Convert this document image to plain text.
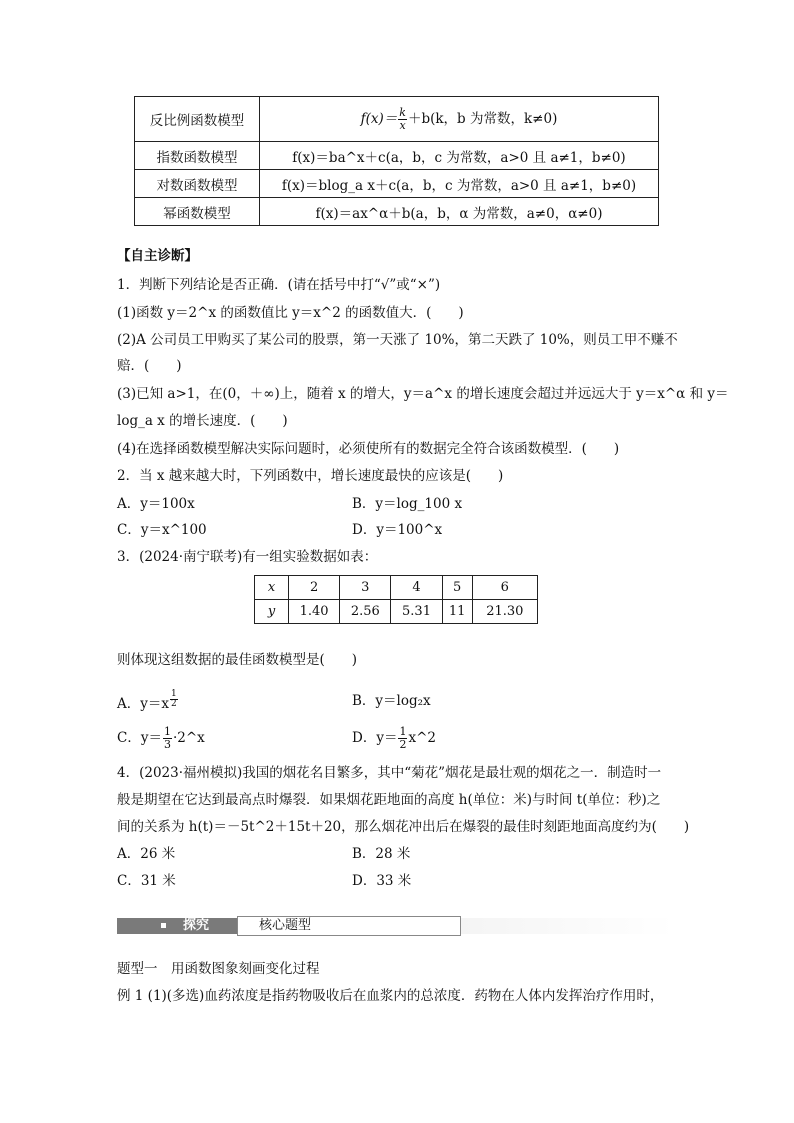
反比例函数模型	$f(x)= \frac{k}{x} +b(k$，b 为常数，k≠0)
指数函数模型	f(x)＝ba^x＋c(a，b，c 为常数，a>0 且 a≠1，b≠0)
对数函数模型	f(x)＝blog_a x＋c(a，b，c 为常数，a>0 且 a≠1，b≠0)
幂函数模型	f(x)＝ax^α＋b(a，b，α 为常数，a≠0，α≠0)
【自主诊断】
1．判断下列结论是否正确．(请在括号中打“√”或“×”)
(1)函数 y＝2^x 的函数值比 y＝x^2 的函数值大．(　　)
(2)A 公司员工甲购买了某公司的股票，第一天涨了 10%，第二天跌了 10%，则员工甲不赚不
赔．(　　)
(3)已知 a>1，在(0，＋∞)上，随着 x 的增大，y＝a^x 的增长速度会超过并远远大于 y＝x^α 和 y＝
log_a x 的增长速度．(　　)
(4)在选择函数模型解决实际问题时，必须使所有的数据完全符合该函数模型．(　　)
2．当 x 越来越大时，下列函数中，增长速度最快的应该是(　　)
A．y＝100x	B．y＝log_100 x
C．y＝x^100	D．y＝100^x
3．(2024·南宁联考)有一组实验数据如表：
x	2	3	4	5	6
y	1.40	2.56	5.31	11	21.30
则体现这组数据的最佳函数模型是(　　)
A．$y=x \frac{1}{2}$	B．y＝log₂x
C．$y= \frac{1}{3}$ ·2^x	D．$y= \frac{1}{2}$ x^2
4．(2023·福州模拟)我国的烟花名目繁多，其中“菊花”烟花是最壮观的烟花之一．制造时一
般是期望在它达到最高点时爆裂．如果烟花距地面的高度 h(单位：米)与时间 t(单位：秒)之
间的关系为 h(t)＝－5t^2＋15t＋20，那么烟花冲出后在爆裂的最佳时刻距地面高度约为(　　)
A．26 米	B．28 米
C．31 米	D．33 米
探究	核心题型
题型一　用函数图象刻画变化过程
例 1 (1)(多选)血药浓度是指药物吸收后在血浆内的总浓度．药物在人体内发挥治疗作用时，
